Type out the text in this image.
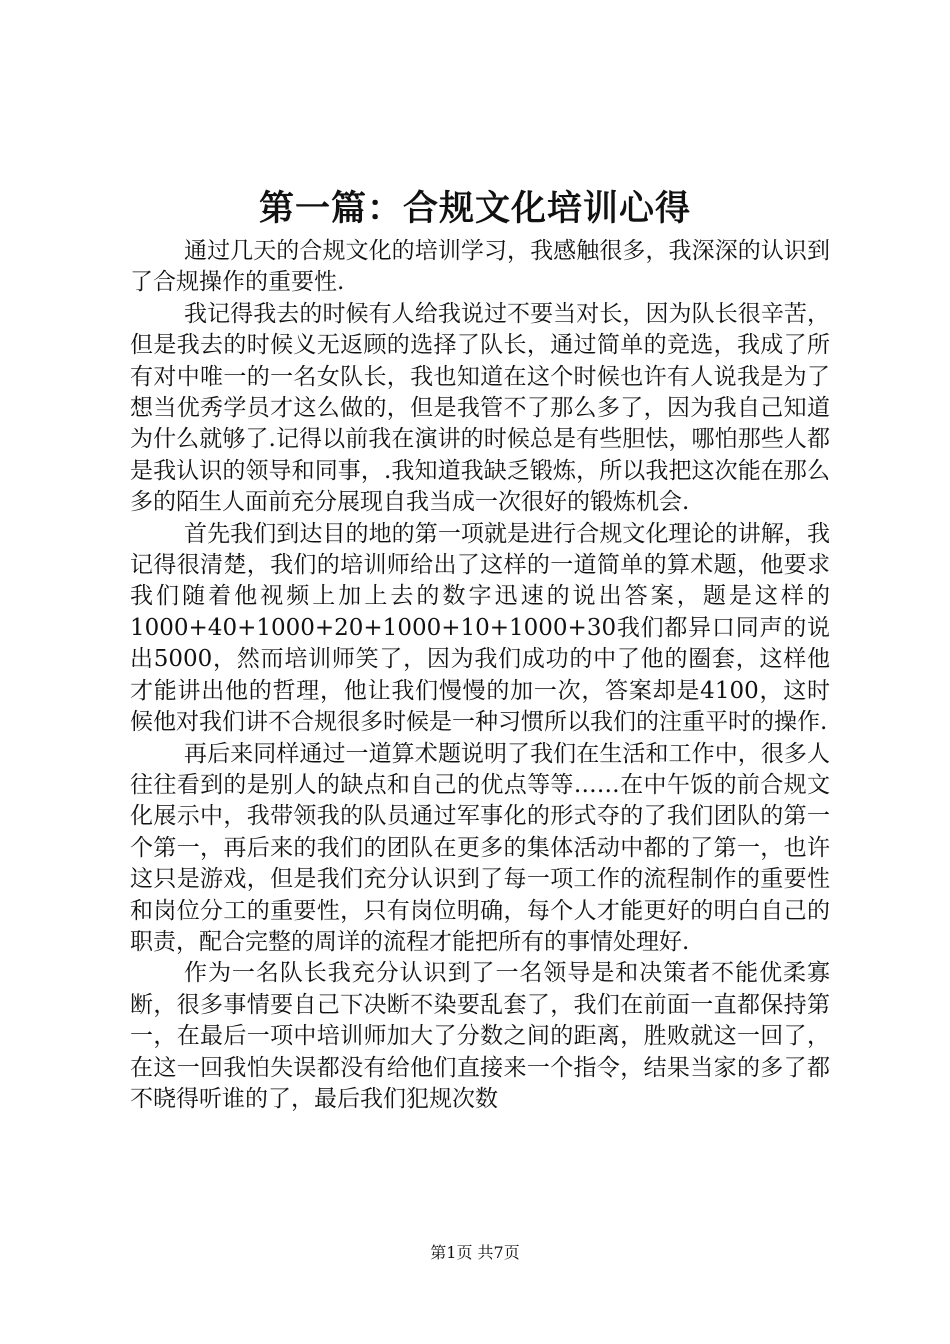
第一篇：合规文化培训心得

通过几天的合规文化的培训学习，我感触很多，我深深的认识到了合规操作的重要性.

我记得我去的时候有人给我说过不要当对长，因为队长很辛苦，但是我去的时候义无返顾的选择了队长，通过简单的竞选，我成了所有对中唯一的一名女队长，我也知道在这个时候也许有人说我是为了想当优秀学员才这么做的，但是我管不了那么多了，因为我自己知道为什么就够了.记得以前我在演讲的时候总是有些胆怯，哪怕那些人都是我认识的领导和同事，.我知道我缺乏锻炼，所以我把这次能在那么多的陌生人面前充分展现自我当成一次很好的锻炼机会.

首先我们到达目的地的第一项就是进行合规文化理论的讲解，我记得很清楚，我们的培训师给出了这样的一道简单的算术题，他要求我们随着他视频上加上去的数字迅速的说出答案，题是这样的1000+40+1000+20+1000+10+1000+30我们都异口同声的说出5000，然而培训师笑了，因为我们成功的中了他的圈套，这样他才能讲出他的哲理，他让我们慢慢的加一次，答案却是4100，这时候他对我们讲不合规很多时候是一种习惯所以我们的注重平时的操作.

再后来同样通过一道算术题说明了我们在生活和工作中，很多人往往看到的是别人的缺点和自己的优点等等……在中午饭的前合规文化展示中，我带领我的队员通过军事化的形式夺的了我们团队的第一个第一，再后来的我们的团队在更多的集体活动中都的了第一，也许这只是游戏，但是我们充分认识到了每一项工作的流程制作的重要性和岗位分工的重要性，只有岗位明确，每个人才能更好的明白自己的职责，配合完整的周详的流程才能把所有的事情处理好.

作为一名队长我充分认识到了一名领导是和决策者不能优柔寡断，很多事情要自己下决断不染要乱套了，我们在前面一直都保持第一，在最后一项中培训师加大了分数之间的距离，胜败就这一回了，在这一回我怕失误都没有给他们直接来一个指令，结果当家的多了都不晓得听谁的了，最后我们犯规次数

第1页 共7页
